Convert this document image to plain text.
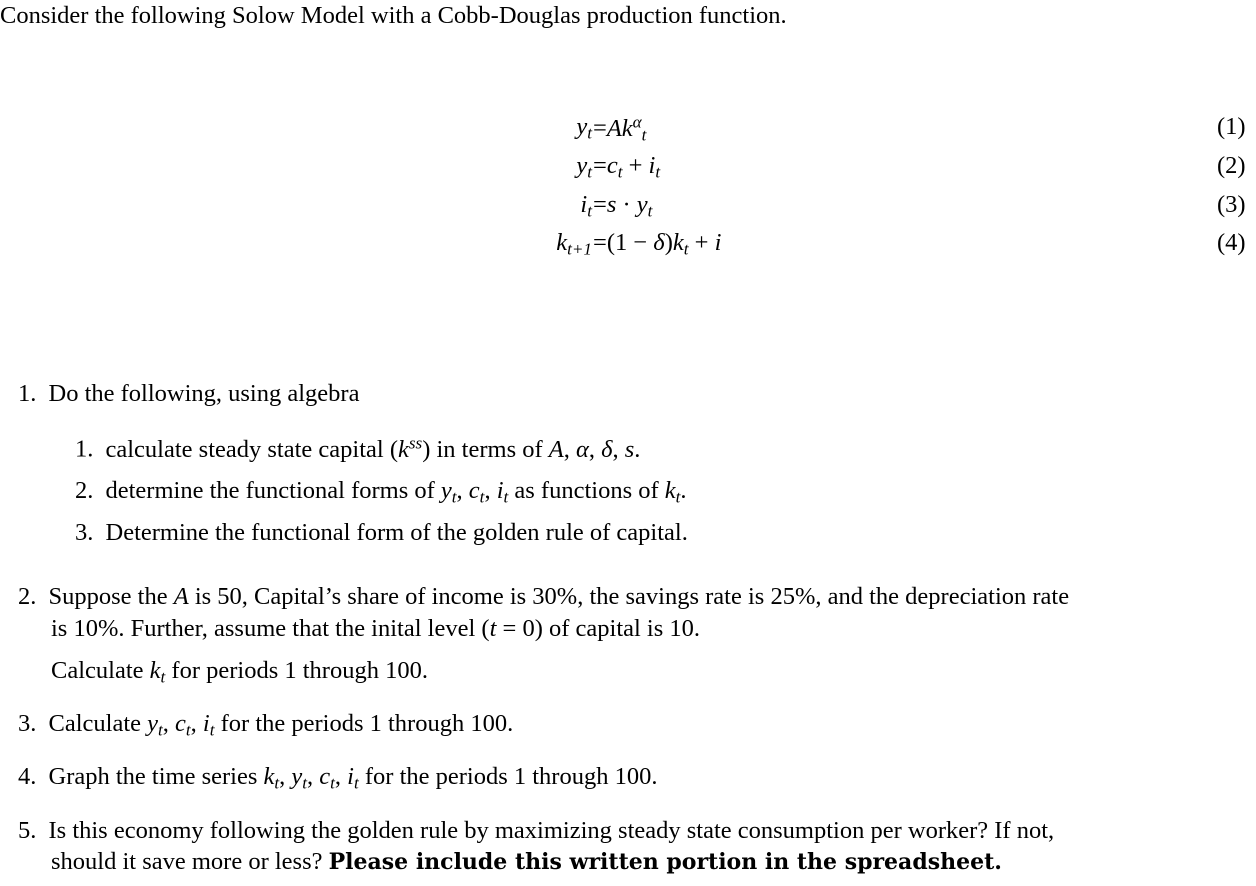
Consider the following Solow Model with a Cobb-Douglas production function.
$y_t =Ak^\alpha_t$	(1)
$y_t =c_t + i_t$	(2)
$i_t =s \cdot y_t$	(3)
$k_{t+1} =(1 - \delta)k_t + i$	(4)
1. Do the following, using algebra
1. calculate steady state capital $(k^{ss})$ in terms of A, α, δ, s.
2. determine the functional forms of $y_t$, $c_t$, $i_t$ as functions of $k_t$.
3. Determine the functional form of the golden rule of capital.
2. Suppose the A is 50, Capital’s share of income is 30%, the savings rate is 25%, and the depreciation rate
is 10%. Further, assume that the inital level (t = 0) of capital is 10.
Calculate $k_t$ for periods 1 through 100.
3. Calculate $y_t$, $c_t$, $i_t$ for the periods 1 through 100.
4. Graph the time series $k_t$, $y_t$, $c_t$, $i_t$ for the periods 1 through 100.
5. Is this economy following the golden rule by maximizing steady state consumption per worker? If not,
should it save more or less? Please include this written portion in the spreadsheet.
